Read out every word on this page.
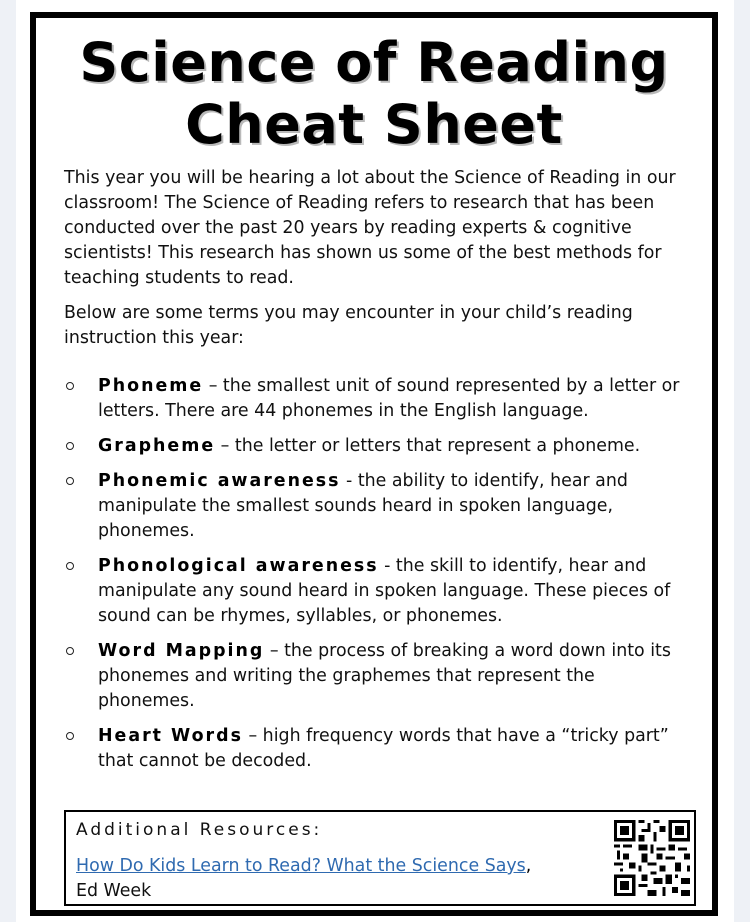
Science of Reading
Cheat Sheet

This year you will be hearing a lot about the Science of Reading in our classroom! The Science of Reading refers to research that has been conducted over the past 20 years by reading experts & cognitive scientists! This research has shown us some of the best methods for teaching students to read.

Below are some terms you may encounter in your child’s reading instruction this year:

Phoneme – the smallest unit of sound represented by a letter or letters. There are 44 phonemes in the English language.
Grapheme – the letter or letters that represent a phoneme.
Phonemic awareness - the ability to identify, hear and manipulate the smallest sounds heard in spoken language, phonemes.
Phonological awareness - the skill to identify, hear and manipulate any sound heard in spoken language. These pieces of sound can be rhymes, syllables, or phonemes.
Word Mapping – the process of breaking a word down into its phonemes and writing the graphemes that represent the phonemes.
Heart Words – high frequency words that have a “tricky part” that cannot be decoded.
Additional Resources:
How Do Kids Learn to Read? What the Science Says,
Ed Week
